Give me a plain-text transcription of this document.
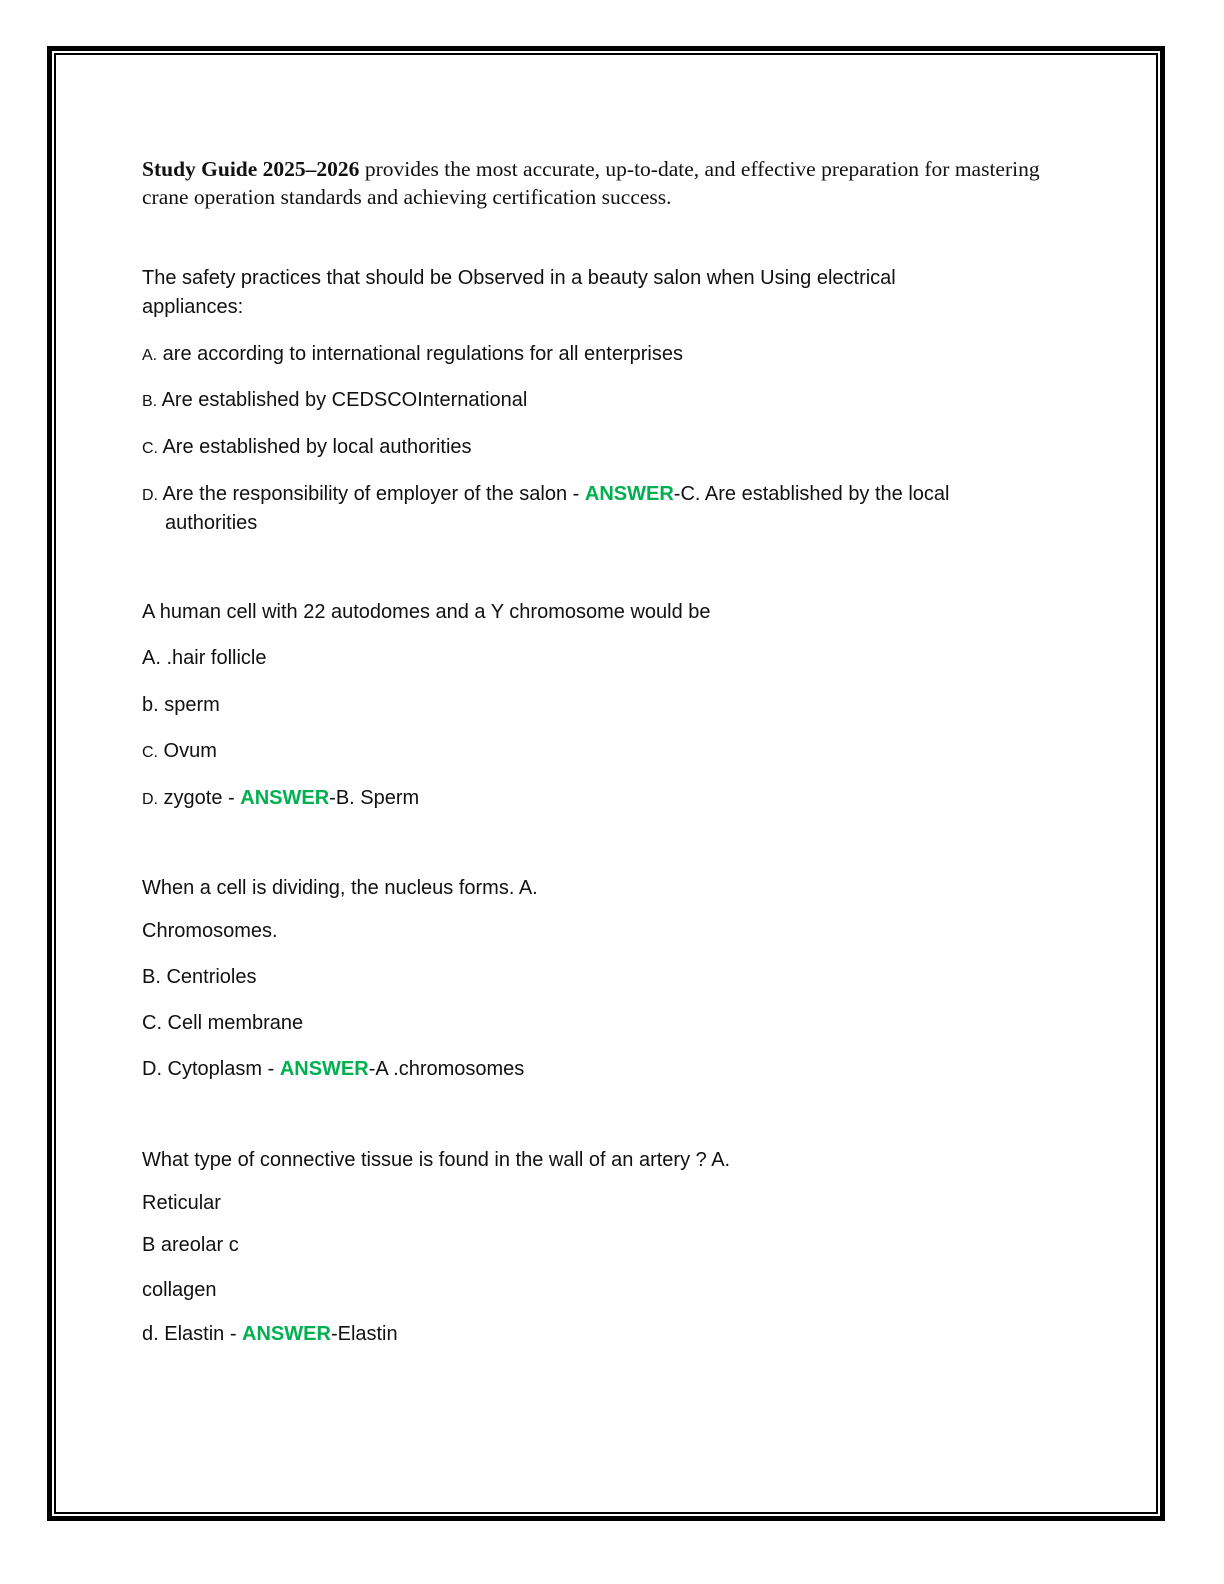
Study Guide 2025–2026 provides the most accurate, up-to-date, and effective preparation for mastering crane operation standards and achieving certification success.

The safety practices that should be Observed in a beauty salon when Using electrical
appliances:
A. are according to international regulations for all enterprises
B. Are established by CEDSCOInternational
C. Are established by local authorities
D. Are the responsibility of employer of the salon - ANSWER-C. Are established by the local
authorities
A human cell with 22 autodomes and a Y chromosome would be
A. .hair follicle
b. sperm
C. Ovum
D. zygote - ANSWER-B. Sperm
When a cell is dividing, the nucleus forms. A.
Chromosomes.
B. Centrioles
C. Cell membrane
D. Cytoplasm - ANSWER-A .chromosomes
What type of connective tissue is found in the wall of an artery ? A.
Reticular
B areolar c
collagen
d. Elastin - ANSWER-Elastin
